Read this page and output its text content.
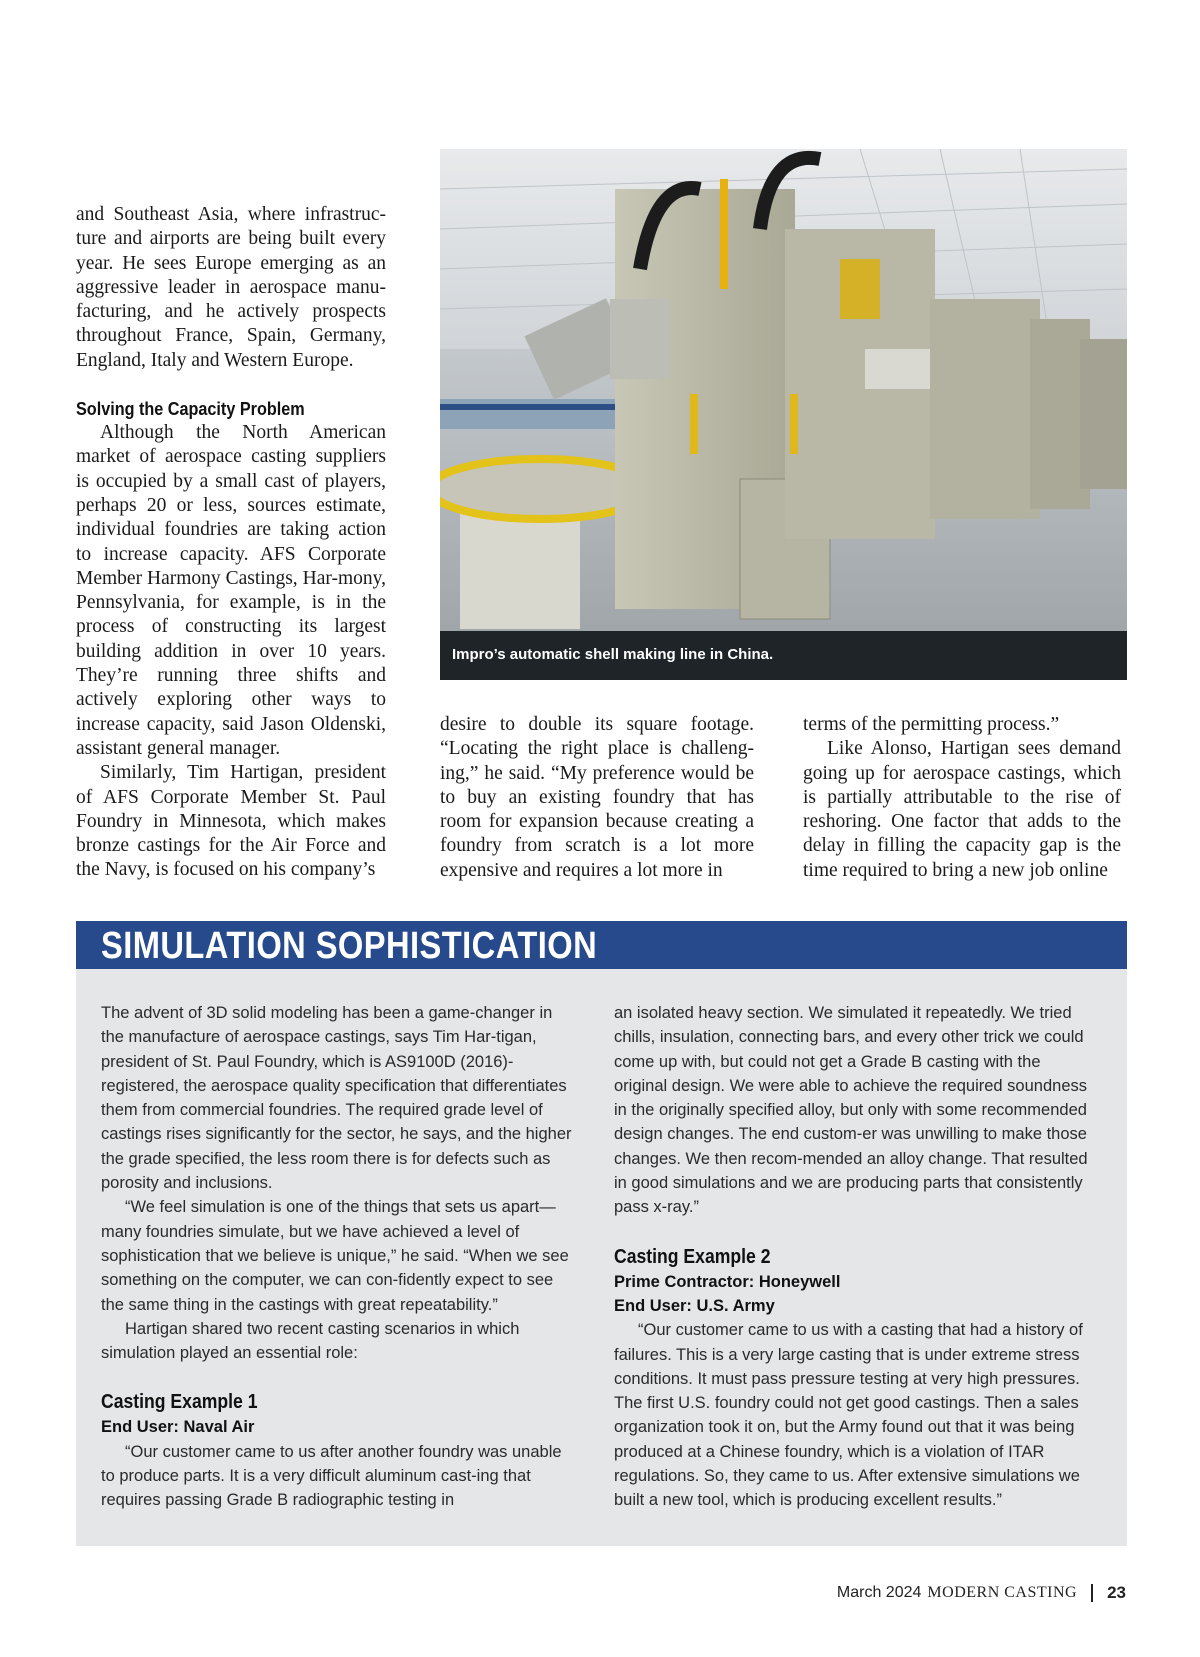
and Southeast Asia, where infrastruc-ture and airports are being built every year. He sees Europe emerging as an aggressive leader in aerospace manu-facturing, and he actively prospects throughout France, Spain, Germany, England, Italy and Western Europe.

Solving the Capacity Problem

Although the North American market of aerospace casting suppliers is occupied by a small cast of players, perhaps 20 or less, sources estimate, individual foundries are taking action to increase capacity. AFS Corporate Member Harmony Castings, Har-mony, Pennsylvania, for example, is in the process of constructing its largest building addition in over 10 years. They’re running three shifts and actively exploring other ways to increase capacity, said Jason Oldenski, assistant general manager.

Similarly, Tim Hartigan, president of AFS Corporate Member St. Paul Foundry in Minnesota, which makes bronze castings for the Air Force and the Navy, is focused on his company’s

Impro’s automatic shell making line in China.

desire to double its square footage. “Locating the right place is challeng-ing,” he said. “My preference would be to buy an existing foundry that has room for expansion because creating a foundry from scratch is a lot more expensive and requires a lot more in

terms of the permitting process.”

Like Alonso, Hartigan sees demand going up for aerospace castings, which is partially attributable to the rise of reshoring. One factor that adds to the delay in filling the capacity gap is the time required to bring a new job online

SIMULATION SOPHISTICATION

The advent of 3D solid modeling has been a game-changer in the manufacture of aerospace castings, says Tim Har-tigan, president of St. Paul Foundry, which is AS9100D (2016)-registered, the aerospace quality specification that differentiates them from commercial foundries. The required grade level of castings rises significantly for the sector, he says, and the higher the grade specified, the less room there is for defects such as porosity and inclusions.

“We feel simulation is one of the things that sets us apart—many foundries simulate, but we have achieved a level of sophistication that we believe is unique,” he said. “When we see something on the computer, we can con-fidently expect to see the same thing in the castings with great repeatability.”

Hartigan shared two recent casting scenarios in which simulation played an essential role:

Casting Example 1

End User: Naval Air

“Our customer came to us after another foundry was unable to produce parts. It is a very difficult aluminum cast-ing that requires passing Grade B radiographic testing in

an isolated heavy section. We simulated it repeatedly. We tried chills, insulation, connecting bars, and every other trick we could come up with, but could not get a Grade B casting with the original design. We were able to achieve the required soundness in the originally specified alloy, but only with some recommended design changes. The end custom-er was unwilling to make those changes. We then recom-mended an alloy change. That resulted in good simulations and we are producing parts that consistently pass x-ray.”

Casting Example 2

Prime Contractor: Honeywell

End User: U.S. Army

“Our customer came to us with a casting that had a history of failures. This is a very large casting that is under extreme stress conditions. It must pass pressure testing at very high pressures. The first U.S. foundry could not get good castings. Then a sales organization took it on, but the Army found out that it was being produced at a Chinese foundry, which is a violation of ITAR regulations. So, they came to us. After extensive simulations we built a new tool, which is producing excellent results.”

March 2024 MODERN CASTING 23
